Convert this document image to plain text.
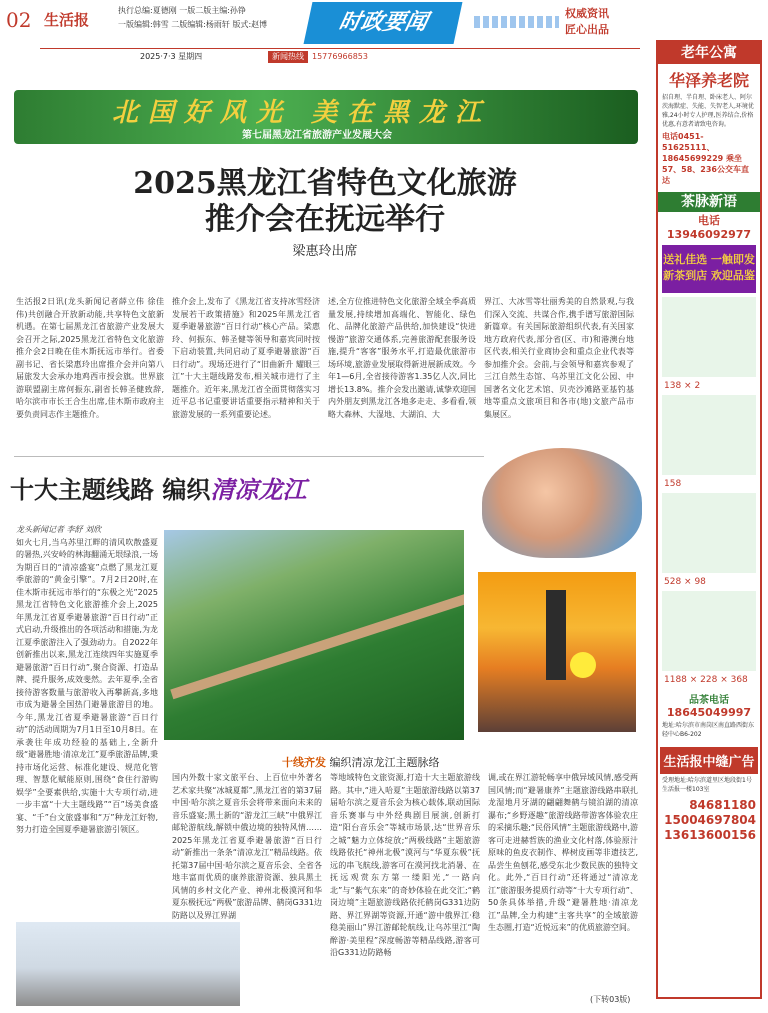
02 生活报
执行总编:夏德刚 一版二版主编:孙铮
一版编辑:韩雪 二版编辑:杨雨轩 版式:赵博	时政要闻	权威资讯
匠心出品
2025·7·3 星期四	新闻热线	15776966853
北国好风光 美在黑龙江
第七届黑龙江省旅游产业发展大会
2025黑龙江省特色文化旅游
推介会在抚远举行
梁惠玲出席
生活报2日讯(龙头新闻记者薛立伟 徐佳伟)共创融合开放新动能,共享特色文旅新机遇。在第七届黑龙江省旅游产业发展大会召开之际,2025黑龙江省特色文化旅游推介会2日晚在佳木斯抚远市举行。省委副书记、省长梁惠玲出席推介会并向第八届旅发大会承办地鸡西市授会旗。世界旅游联盟副主席何振东,副省长韩圣健致辞,哈尔滨市市长王合生出席,佳木斯市政府主要负责同志作主题推介。
推介会上,发布了《黑龙江省支持冰雪经济发展若干政策措施》和2025年黑龙江省夏季避暑旅游“百日行动”核心产品。梁惠玲、何振东、韩圣健等领导和嘉宾同时按下启动装置,共同启动了夏季避暑旅游“百日行动”。现场还进行了“旧曲新升 耀眼三江”十大主题线路发布,相关城市进行了主题推介。近年来,黑龙江省全面贯彻落实习近平总书记重要讲话重要指示精神和关于旅游发展的一系列重要论述。
述,全方位推进特色文化旅游全域全季高质量发展,持续增加高端化、智能化、绿色化、品牌化旅游产品供给,加快建设“快进慢游”旅游交通体系,完善旅游配套服务设施,提升“客客”服务水平,打造最优旅游市场环境,旅游业发展取得新进展新成效。今年1—6月,全省接待游客1.35亿人次,同比增长13.8%。推介会发出邀请,诚挚欢迎国内外朋友到黑龙江各地多走走、多看看,领略大森林、大湿地、大湖泊、大
界江、大冰雪等壮丽秀美的自然景观,与我们深入交流、共谋合作,携手谱写旅游国际新篇章。有关国际旅游组织代表,有关国家地方政府代表,部分省(区、市)和港澳台地区代表,相关行业商协会和重点企业代表等参加推介会。会前,与会领导和嘉宾参观了三江自然生态馆、乌苏里江文化公园、中国著名文化艺术馆、贝壳沙滩路亚基钓基地等重点文旅项目和各市(地)文旅产品市集展区。
十大主题线路 编织清凉龙江
龙头新闻记者 李舒 刘欣
如火七月,当乌苏里江畔的清风吹散盛夏的暑热,兴安岭的林海翻涌无垠绿浪,一场为期百日的“清凉盛宴”点燃了黑龙江夏季旅游的“黄金引擎”。7月2日20时,在佳木斯市抚远市举行的“东极之光”2025黑龙江省特色文化旅游推介会上,2025年黑龙江省夏季避暑旅游“百日行动”正式启动,升级推出的各项活动和措施,为龙江夏季旅游注入了强劲动力。自2022年创新推出以来,黑龙江连续四年实施夏季避暑旅游“百日行动”,聚合资源、打造品牌、提升服务,成效斐然。去年夏季,全省接待游客数量与旅游收入再攀新高,多地市成为避暑全国热门避暑旅游目的地。今年,黑龙江省夏季避暑旅游“百日行动”的活动周期为7月1日至10月8日。在承袭往年成功经验的基础上,全新升级“避暑胜地·清凉龙江”夏季旅游品牌,秉持市场化运营、标准化建设、规范化管理、智慧化赋能原则,围绕“食住行游购娱学”全要素供给,实施十大专项行动,进一步丰富“十大主题线路”“百”场美食盛宴、“千”台文旅盛事和“万”种龙江好物,努力打造全国夏季避暑旅游引领区。
十线齐发 编织清凉龙江主题脉络
国内外数十家文旅平台、上百位中外著名艺术家共聚“冰城夏都”,黑龙江省的第37届中国·哈尔滨之夏音乐会将带来面向未来的音乐盛宴;黑土新的“游龙江三峡”中俄界江邮轮游航线,解锁中俄边境的独特风情……2025年黑龙江省夏季避暑旅游“百日行动”新推出一条条“清凉龙江”精品线路。依托第37届中国·哈尔滨之夏音乐会、全省各地丰富而优质的康养旅游资源、独具黑土风情的乡村文化产业、神州北极漠河和华夏东极抚远“两极”旅游品牌、鹤岗G331边防路以及界江界湖
等地域特色文旅资源,打造十大主题旅游线路。其中,“进入哈夏”主题旅游线路以第37届哈尔滨之夏音乐会为核心载体,联动国际音乐赛事与中外经典剧目展演,创新打造“阳台音乐会”等城市场景,达“世界音乐之城”魅力立体绽放;“两极线路”主题旅游线路依托“神州北极”漠河与“华夏东极”抚远的串飞航线,游客可在漠河找北消暑、在抚远观赏东方第一缕阳光,“一路向北”与“紫气东来”的奇妙体验在此交汇;“鹤岗边境”主题旅游线路依托鹤岗G331边防路、界江界湖等资源,开通“游中俄界江·稳稳美丽山”界江游邮轮航线,让乌苏里江“陶醉游·美里程”深度畅游等精品线路,游客可沿G331边防路畅
调,或在界江游轮畅享中俄异域风情,感受两国风情;而“避暑康养”主题旅游线路串联扎龙湿地月牙湖的翩翩舞鹤与镜泊湖的清凉瀑布;“乡野逐趣”旅游线路带游客体验农庄的采摘乐趣;“民俗风情”主题旅游线路中,游客可走进赫哲族的渔业文化村落,体验原汁原味的鱼皮衣制作、桦树皮画等非遗技艺,品尝生鱼刨花,感受东北少数民族的独特文化。此外,“百日行动”还将通过“清凉龙江”旅游服务提质行动等“十大专项行动”、50条具体举措,升级“避暑胜地·清凉龙江”品牌,全力构建“主客共享”的全域旅游生态圈,打造“近悦远来”的优质旅游空间。
(下转03版)
老年公寓
华泽养老院
招自理、半自理、卧床老人、阿尔茨海默症、失能、失智老人,环境优雅,24小时专人护理,医养结合,价格优惠,有意者请致电咨询。
电话0451-51625111、18645699229 乘坐57、58、236公交车直达
茶脉新语
电话13946092977
送礼佳选 一触即发 新茶到店 欢迎品鉴
138 × 2
158
528 × 98
1188 × 228 × 368
品茶电话
18645049997
地址:哈尔滨市南岗区南直路西街东轻中心B6-202
生活报中缝广告
受理地址:哈尔滨道里区地段街1号生活报一楼103室
84681180 15004697804 13613600156
